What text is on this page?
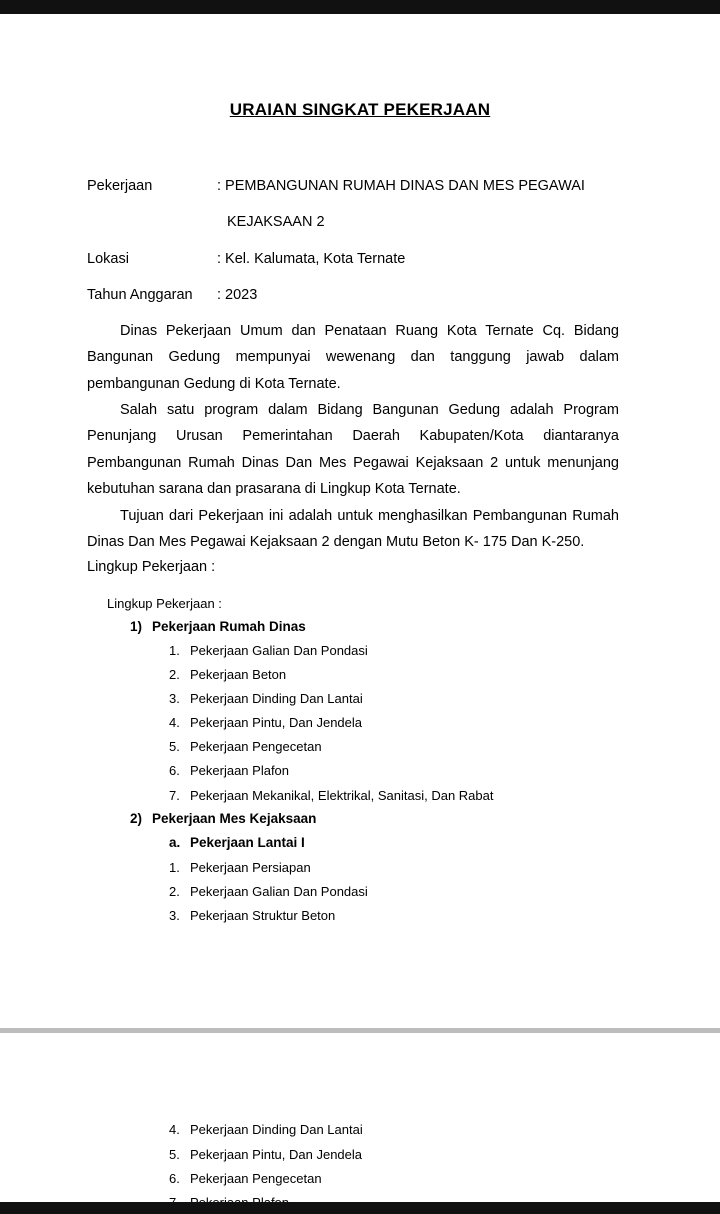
URAIAN SINGKAT PEKERJAAN
Pekerjaan	: PEMBANGUNAN RUMAH DINAS DAN MES PEGAWAI
KEJAKSAAN 2
Lokasi	: Kel. Kalumata, Kota Ternate
Tahun Anggaran : 2023
Dinas Pekerjaan Umum dan Penataan Ruang Kota Ternate Cq. Bidang Bangunan Gedung mempunyai wewenang dan tanggung jawab dalam pembangunan Gedung di Kota Ternate.
Salah satu program dalam Bidang Bangunan Gedung adalah Program Penunjang Urusan Pemerintahan Daerah Kabupaten/Kota diantaranya Pembangunan Rumah Dinas Dan Mes Pegawai Kejaksaan 2 untuk menunjang kebutuhan sarana dan prasarana di Lingkup Kota Ternate.
Tujuan dari Pekerjaan ini adalah untuk menghasilkan Pembangunan Rumah Dinas Dan Mes Pegawai Kejaksaan 2 dengan Mutu Beton K- 175 Dan K-250.
Lingkup Pekerjaan :
Lingkup Pekerjaan :
1) Pekerjaan Rumah Dinas
1. Pekerjaan Galian Dan Pondasi
2. Pekerjaan Beton
3. Pekerjaan Dinding Dan Lantai
4. Pekerjaan Pintu, Dan Jendela
5. Pekerjaan Pengecetan
6. Pekerjaan Plafon
7. Pekerjaan Mekanikal, Elektrikal, Sanitasi, Dan Rabat
2) Pekerjaan Mes Kejaksaan
a. Pekerjaan Lantai I
1. Pekerjaan Persiapan
2. Pekerjaan Galian Dan Pondasi
3. Pekerjaan Struktur Beton
4. Pekerjaan Dinding Dan Lantai
5. Pekerjaan Pintu, Dan Jendela
6. Pekerjaan Pengecetan
